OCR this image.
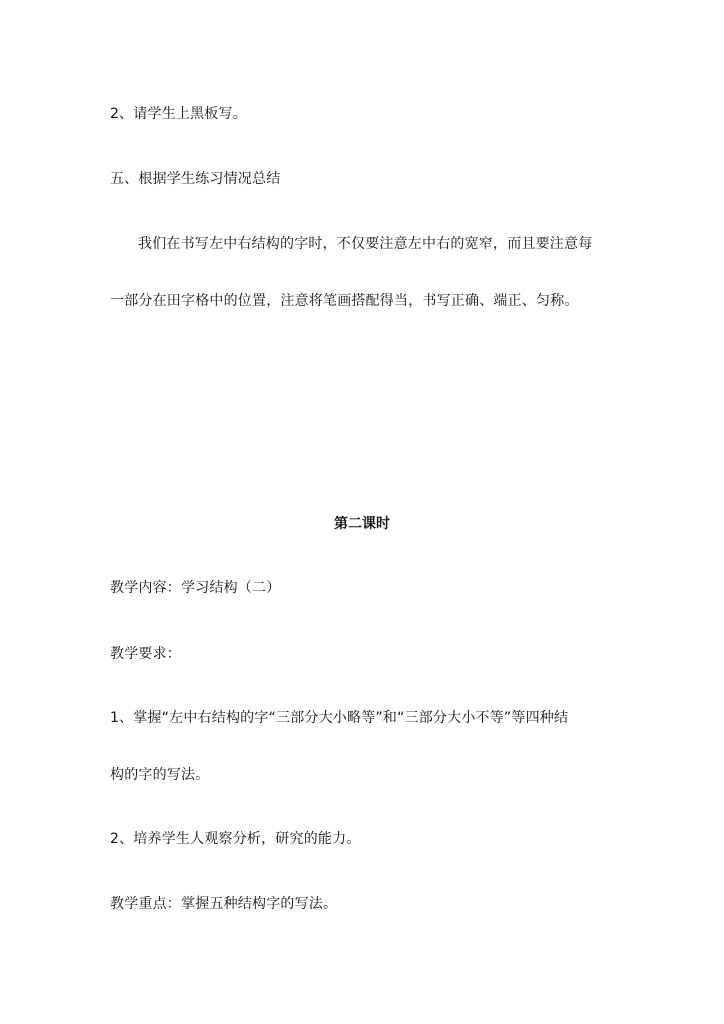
2、请学生上黑板写。
五、根据学生练习情况总结
我们在书写左中右结构的字时，不仅要注意左中右的宽窄，而且要注意每
一部分在田字格中的位置，注意将笔画搭配得当，书写正确、端正、匀称。
第二课时
教学内容：学习结构（二）
教学要求：
1、掌握“左中右结构的字“三部分大小略等”和“三部分大小不等”等四种结
构的字的写法。
2、培养学生人观察分析，研究的能力。
教学重点：掌握五种结构字的写法。
